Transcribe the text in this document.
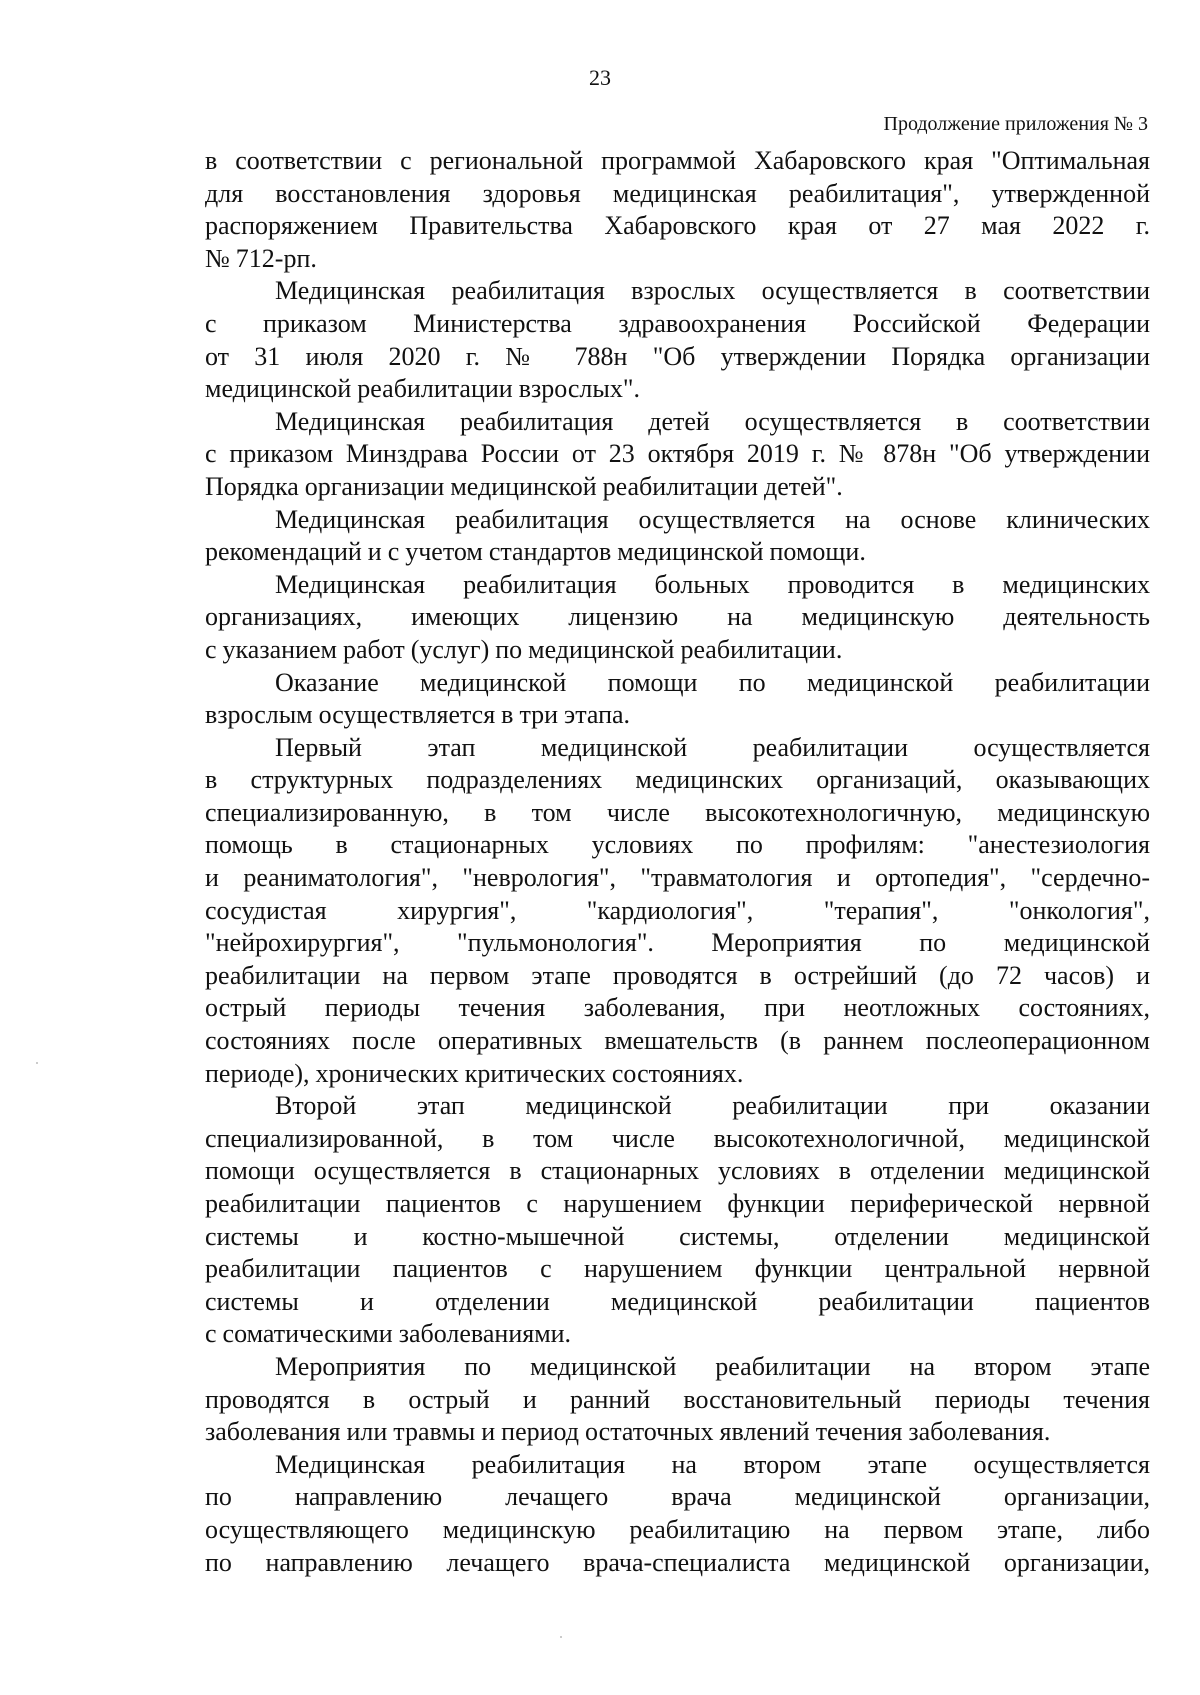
23
Продолжение приложения № 3

в соответствии с региональной программой Хабаровского края "Оптимальная
для восстановления здоровья медицинская реабилитация", утвержденной
распоряжением Правительства Хабаровского края от 27 мая 2022 г.
№ 712-рп.

Медицинская реабилитация взрослых осуществляется в соответствии
с приказом Министерства здравоохранения Российской Федерации
от 31 июля 2020 г. № 788н "Об утверждении Порядка организации
медицинской реабилитации взрослых".

Медицинская реабилитация детей осуществляется в соответствии
с приказом Минздрава России от 23 октября 2019 г. № 878н "Об утверждении
Порядка организации медицинской реабилитации детей".

Медицинская реабилитация осуществляется на основе клинических
рекомендаций и с учетом стандартов медицинской помощи.

Медицинская реабилитация больных проводится в медицинских
организациях, имеющих лицензию на медицинскую деятельность
с указанием работ (услуг) по медицинской реабилитации.

Оказание медицинской помощи по медицинской реабилитации
взрослым осуществляется в три этапа.

Первый этап медицинской реабилитации осуществляется
в структурных подразделениях медицинских организаций, оказывающих
специализированную, в том числе высокотехнологичную, медицинскую
помощь в стационарных условиях по профилям: "анестезиология
и реаниматология", "неврология", "травматология и ортопедия", "сердечно-
сосудистая хирургия", "кардиология", "терапия", "онкология",
"нейрохирургия", "пульмонология". Мероприятия по медицинской
реабилитации на первом этапе проводятся в острейший (до 72 часов) и
острый периоды течения заболевания, при неотложных состояниях,
состояниях после оперативных вмешательств (в раннем послеоперационном
периоде), хронических критических состояниях.

Второй этап медицинской реабилитации при оказании
специализированной, в том числе высокотехнологичной, медицинской
помощи осуществляется в стационарных условиях в отделении медицинской
реабилитации пациентов с нарушением функции периферической нервной
системы и костно-мышечной системы, отделении медицинской
реабилитации пациентов с нарушением функции центральной нервной
системы и отделении медицинской реабилитации пациентов
с соматическими заболеваниями.

Мероприятия по медицинской реабилитации на втором этапе
проводятся в острый и ранний восстановительный периоды течения
заболевания или травмы и период остаточных явлений течения заболевания.

Медицинская реабилитация на втором этапе осуществляется
по направлению лечащего врача медицинской организации,
осуществляющего медицинскую реабилитацию на первом этапе, либо
по направлению лечащего врача-специалиста медицинской организации,
